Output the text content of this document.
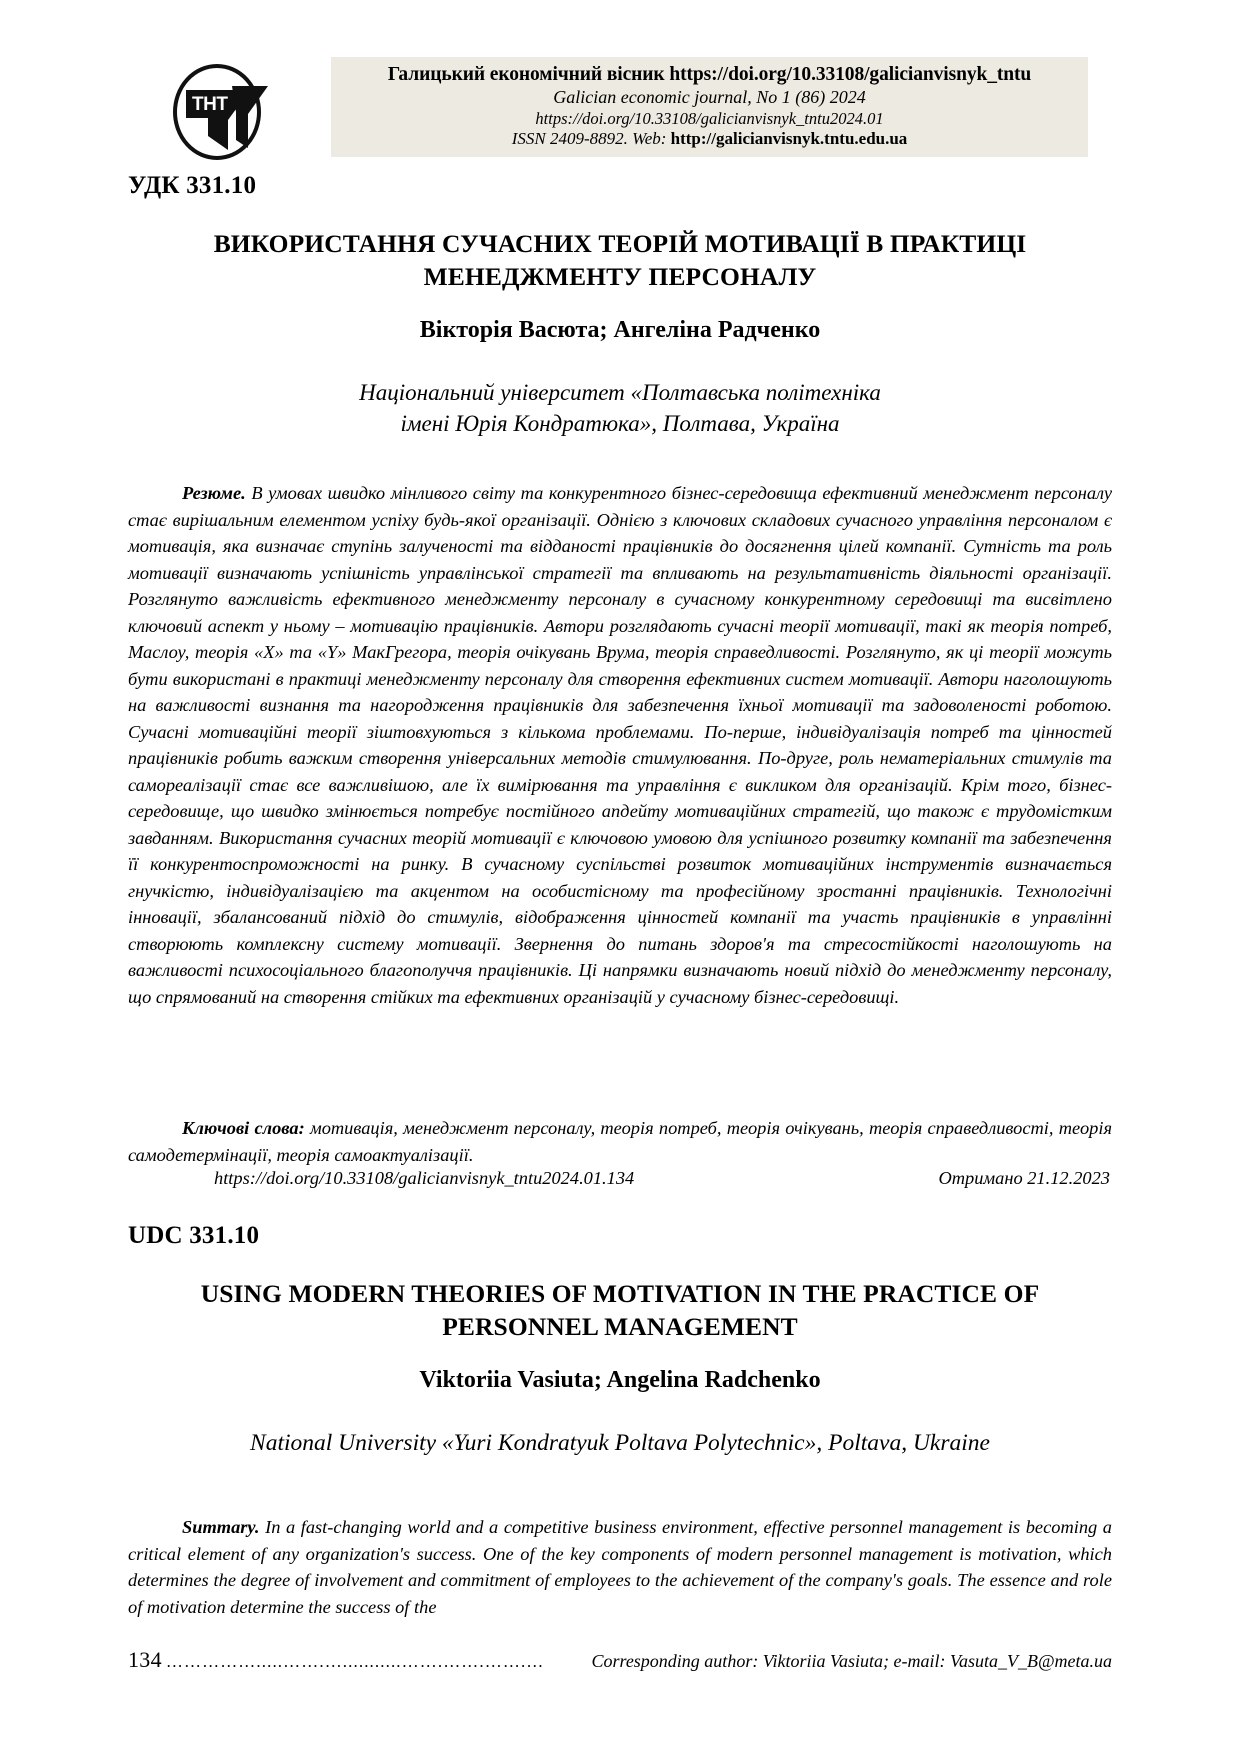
ТНТ
Галицький економічний вісник https://doi.org/10.33108/galicianvisnyk_tntu
Galician economic journal, No 1 (86) 2024
https://doi.org/10.33108/galicianvisnyk_tntu2024.01
ISSN 2409-8892. Web: http://galicianvisnyk.tntu.edu.ua
УДК 331.10
ВИКОРИСТАННЯ СУЧАСНИХ ТЕОРІЙ МОТИВАЦІЇ В ПРАКТИЦІ МЕНЕДЖМЕНТУ ПЕРСОНАЛУ
Вікторія Васюта; Ангеліна Радченко
Національний університет «Полтавська політехніка
імені Юрія Кондратюка», Полтава, Україна

Резюме. В умовах швидко мінливого світу та конкурентного бізнес-середовища ефективний менеджмент персоналу стає вирішальним елементом успіху будь-якої організації. Однією з ключових складових сучасного управління персоналом є мотивація, яка визначає ступінь залученості та відданості працівників до досягнення цілей компанії. Сутність та роль мотивації визначають успішність управлінської стратегії та впливають на результативність діяльності організації. Розглянуто важливість ефективного менеджменту персоналу в сучасному конкурентному середовищі та висвітлено ключовий аспект у ньому – мотивацію працівників. Автори розглядають сучасні теорії мотивації, такі як теорія потреб, Маслоу, теорія «Х» та «Y» МакГрегора, теорія очікувань Врума, теорія справедливості. Розглянуто, як ці теорії можуть бути використані в практиці менеджменту персоналу для створення ефективних систем мотивації. Автори наголошують на важливості визнання та нагородження працівників для забезпечення їхньої мотивації та задоволеності роботою. Сучасні мотиваційні теорії зіштовхуються з кількома проблемами. По-перше, індивідуалізація потреб та цінностей працівників робить важким створення універсальних методів стимулювання. По-друге, роль нематеріальних стимулів та самореалізації стає все важливішою, але їх вимірювання та управління є викликом для організацій. Крім того, бізнес-середовище, що швидко змінюється потребує постійного апдейту мотиваційних стратегій, що також є трудомістким завданням. Використання сучасних теорій мотивації є ключовою умовою для успішного розвитку компанії та забезпечення її конкурентоспроможності на ринку. В сучасному суспільстві розвиток мотиваційних інструментів визначається гнучкістю, індивідуалізацією та акцентом на особистісному та професійному зростанні працівників. Технологічні інновації, збалансований підхід до стимулів, відображення цінностей компанії та участь працівників в управлінні створюють комплексну систему мотивації. Звернення до питань здоров'я та стресостійкості наголошують на важливості психосоціального благополуччя працівників. Ці напрямки визначають новий підхід до менеджменту персоналу, що спрямований на створення стійких та ефективних організацій у сучасному бізнес-середовищі.

Ключові слова: мотивація, менеджмент персоналу, теорія потреб, теорія очікувань, теорія справедливості, теорія самодетермінації, теорія самоактуалізації.

https://doi.org/10.33108/galicianvisnyk_tntu2024.01.134	Отримано 21.12.2023
UDC 331.10
USING MODERN THEORIES OF MOTIVATION IN THE PRACTICE OF PERSONNEL MANAGEMENT
Viktoriia Vasiuta; Angelina Radchenko
National University «Yuri Kondratyuk Poltava Polytechnic», Poltava, Ukraine

Summary. In a fast-changing world and a competitive business environment, effective personnel management is becoming a critical element of any organization's success. One of the key components of modern personnel management is motivation, which determines the degree of involvement and commitment of employees to the achievement of the company's goals. The essence and role of motivation determine the success of the

134 …………….....…….…...........…….…….…….…	Corresponding author: Viktoriia Vasiuta; e-mail: Vasuta_V_B@meta.ua
